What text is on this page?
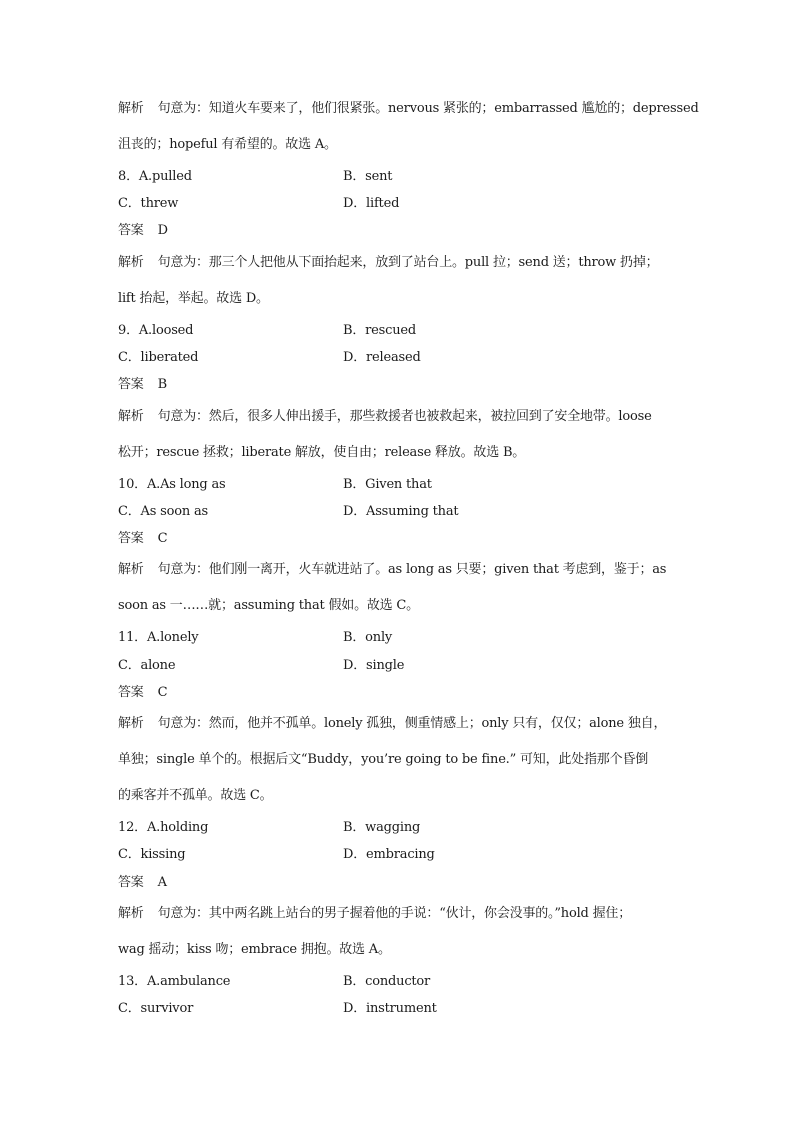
解析 句意为：知道火车要来了，他们很紧张。nervous 紧张的；embarrassed 尴尬的；depressed
沮丧的；hopeful 有希望的。故选 A。
8．A.pulled	B．sent
C．threw	D．lifted
答案 D
解析 句意为：那三个人把他从下面抬起来，放到了站台上。pull 拉；send 送；throw 扔掉；
lift 抬起，举起。故选 D。
9．A.loosed	B．rescued
C．liberated	D．released
答案 B
解析 句意为：然后，很多人伸出援手，那些救援者也被救起来，被拉回到了安全地带。loose
松开；rescue 拯救；liberate 解放，使自由；release 释放。故选 B。
10．A.As long as	B．Given that
C．As soon as	D．Assuming that
答案 C
解析 句意为：他们刚一离开，火车就进站了。as long as 只要；given that 考虑到，鉴于；as
soon as 一……就；assuming that 假如。故选 C。
11．A.lonely	B．only
C．alone	D．single
答案 C
解析 句意为：然而，他并不孤单。lonely 孤独，侧重情感上；only 只有，仅仅；alone 独自，
单独；single 单个的。根据后文“Buddy，you’re going to be fine.” 可知，此处指那个昏倒
的乘客并不孤单。故选 C。
12．A.holding	B．wagging
C．kissing	D．embracing
答案 A
解析 句意为：其中两名跳上站台的男子握着他的手说：“伙计，你会没事的。”hold 握住；
wag 摇动；kiss 吻；embrace 拥抱。故选 A。
13．A.ambulance	B．conductor
C．survivor	D．instrument
